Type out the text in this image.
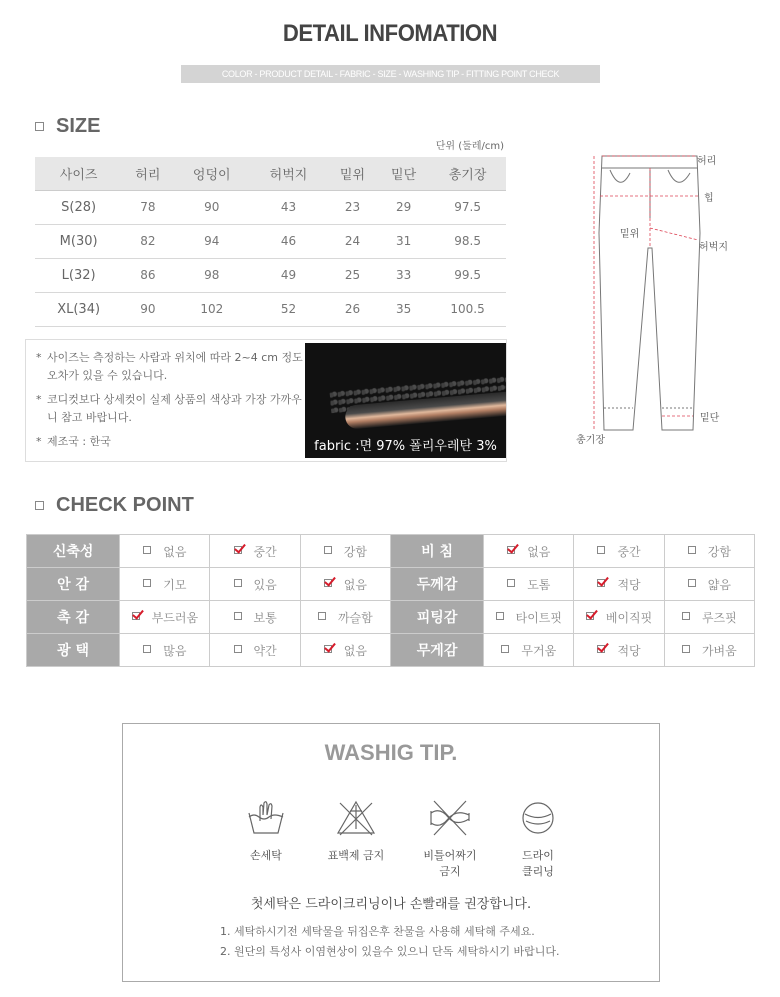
DETAIL INFOMATION
COLOR - PRODUCT DETAIL - FABRIC - SIZE - WASHING TIP - FITTING POINT CHECK
SIZE
단위 (둘레/cm)
사이즈	허리	엉덩이	허벅지	밑위	밑단	총기장
S(28)	78	90	43	23	29	97.5
M(30)	82	94	46	24	31	98.5
L(32)	86	98	49	25	33	99.5
XL(34)	90	102	52	26	35	100.5
* 사이즈는 측정하는 사람과 위치에 따라 2~4 cm 정도 오차가 있을 수 있습니다.
* 코디컷보다 상세컷이 실제 상품의 색상과 가장 가까우니 참고 바랍니다.
* 제조국 : 한국	fabric :면 97% 폴리우레탄 3%
허리
힙
밑위
허벅지
밑단
총기장
CHECK POINT
신축성	없음	중간	강함	비 침	없음	중간	강함

안 감	기모	있음	없음	두께감	도톰	적당	얇음

촉 감	부드러움	보통	까슬함	피팅감	타이트핏	베이직핏	루즈핏

광 택	많음	약간	없음	무게감	무거움	적당	가벼움
WASHIG TIP.
손세탁	표백제 금지	비틀어짜기
금지
드라이
클리닝
첫세탁은 드라이크리닝이나 손빨래를 권장합니다.
1. 세탁하시기전 세탁물을 뒤집은후 찬물을 사용해 세탁해 주세요.
2. 원단의 특성사 이염현상이 있을수 있으니 단독 세탁하시기 바랍니다.
